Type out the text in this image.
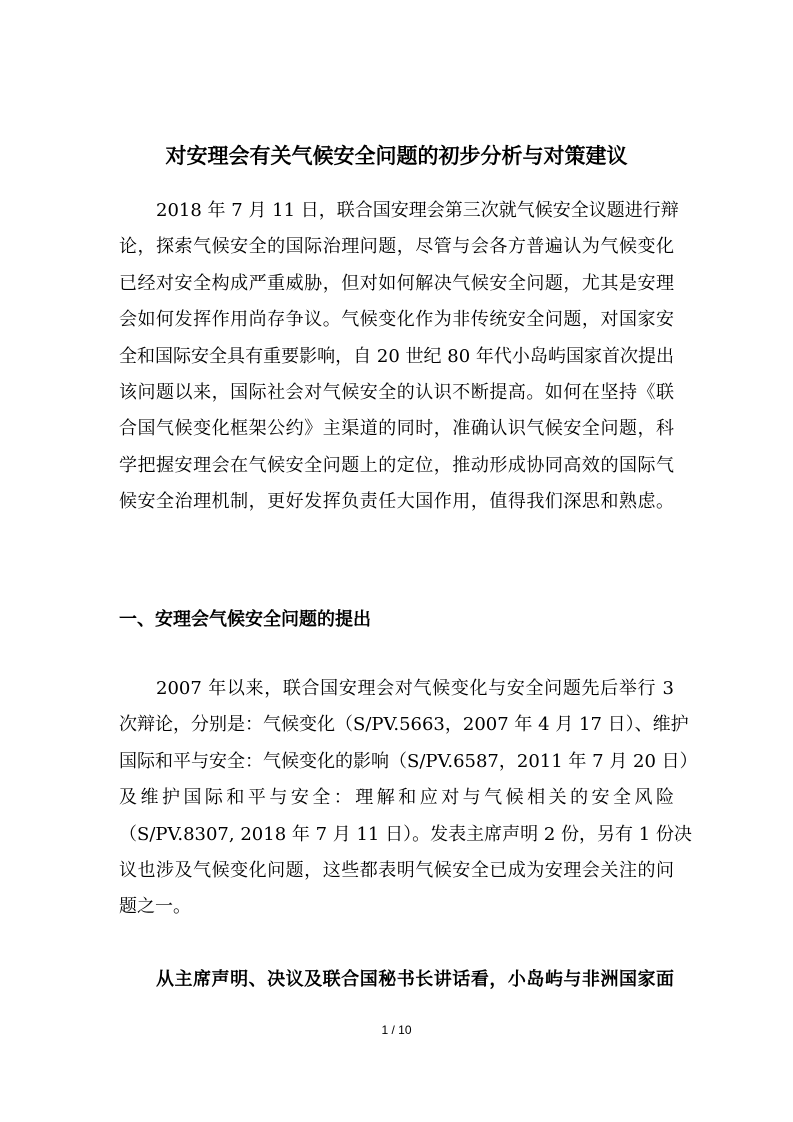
对安理会有关气候安全问题的初步分析与对策建议
2018 年 7 月 11 日，联合国安理会第三次就气候安全议题进行辩
论，探索气候安全的国际治理问题，尽管与会各方普遍认为气候变化
已经对安全构成严重威胁，但对如何解决气候安全问题，尤其是安理
会如何发挥作用尚存争议。气候变化作为非传统安全问题，对国家安
全和国际安全具有重要影响，自 20 世纪 80 年代小岛屿国家首次提出
该问题以来，国际社会对气候安全的认识不断提高。如何在坚持《联
合国气候变化框架公约》主渠道的同时，准确认识气候安全问题，科
学把握安理会在气候安全问题上的定位，推动形成协同高效的国际气
候安全治理机制，更好发挥负责任大国作用，值得我们深思和熟虑。
一、安理会气候安全问题的提出
2007 年以来，联合国安理会对气候变化与安全问题先后举行 3
次辩论，分别是：气候变化（S/PV.5663，2007 年 4 月 17 日）、维护
国际和平与安全：气候变化的影响（S/PV.6587，2011 年 7 月 20 日）
及维护国际和平与安全：理解和应对与气候相关的安全风险
（S/PV.8307, 2018 年 7 月 11 日）。发表主席声明 2 份，另有 1 份决
议也涉及气候变化问题，这些都表明气候安全已成为安理会关注的问
题之一。
从主席声明、决议及联合国秘书长讲话看，小岛屿与非洲国家面
1 / 10
